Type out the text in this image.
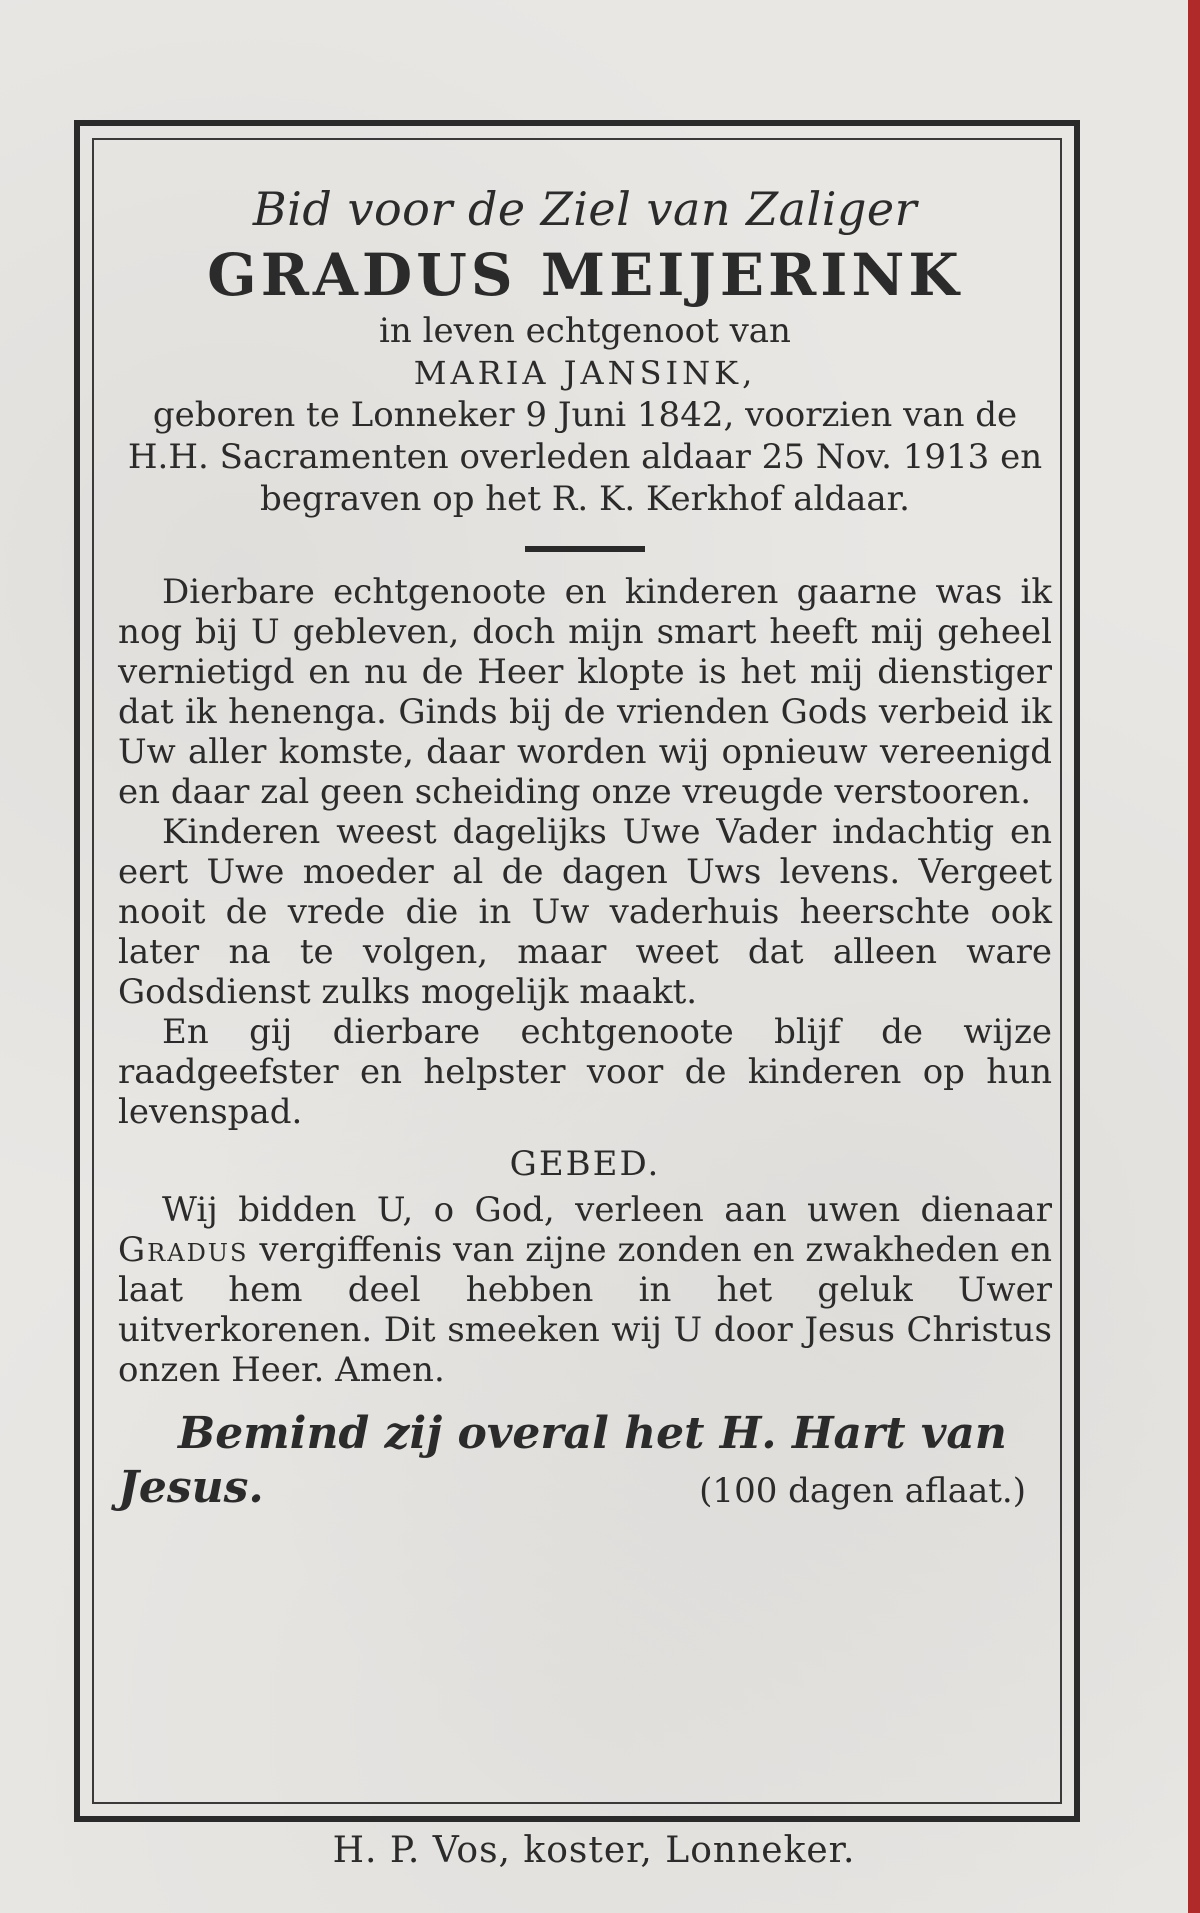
Bid voor de Ziel van Zaliger

GRADUS MEIJERINK

in leven echtgenoot van

MARIA JANSINK,

geboren te Lonneker 9 Juni 1842, voorzien van de H.H. Sacramenten overleden aldaar 25 Nov. 1913 en begraven op het R. K. Kerkhof aldaar.

Dierbare echtgenoote en kinderen gaarne was ik nog bij U gebleven, doch mijn smart heeft mij geheel vernietigd en nu de Heer klopte is het mij dienstiger dat ik henenga. Ginds bij de vrienden Gods verbeid ik Uw aller komste, daar worden wij opnieuw vereenigd en daar zal geen scheiding onze vreugde verstooren.

Kinderen weest dagelijks Uwe Vader indachtig en eert Uwe moeder al de dagen Uws levens. Vergeet nooit de vrede die in Uw vaderhuis heerschte ook later na te volgen, maar weet dat alleen ware Godsdienst zulks mogelijk maakt.

En gij dierbare echtgenoote blijf de wijze raadgeefster en helpster voor de kinderen op hun levenspad.

GEBED.

Wij bidden U, o God, verleen aan uwen dienaar Gradus vergiffenis van zijne zonden en zwakheden en laat hem deel hebben in het geluk Uwer uitverkorenen. Dit smeeken wij U door Jesus Christus onzen Heer. Amen.

Bemind zij overal het H. Hart van

Jesus.	(100 dagen aflaat.)
H. P. Vos, koster, Lonneker.
